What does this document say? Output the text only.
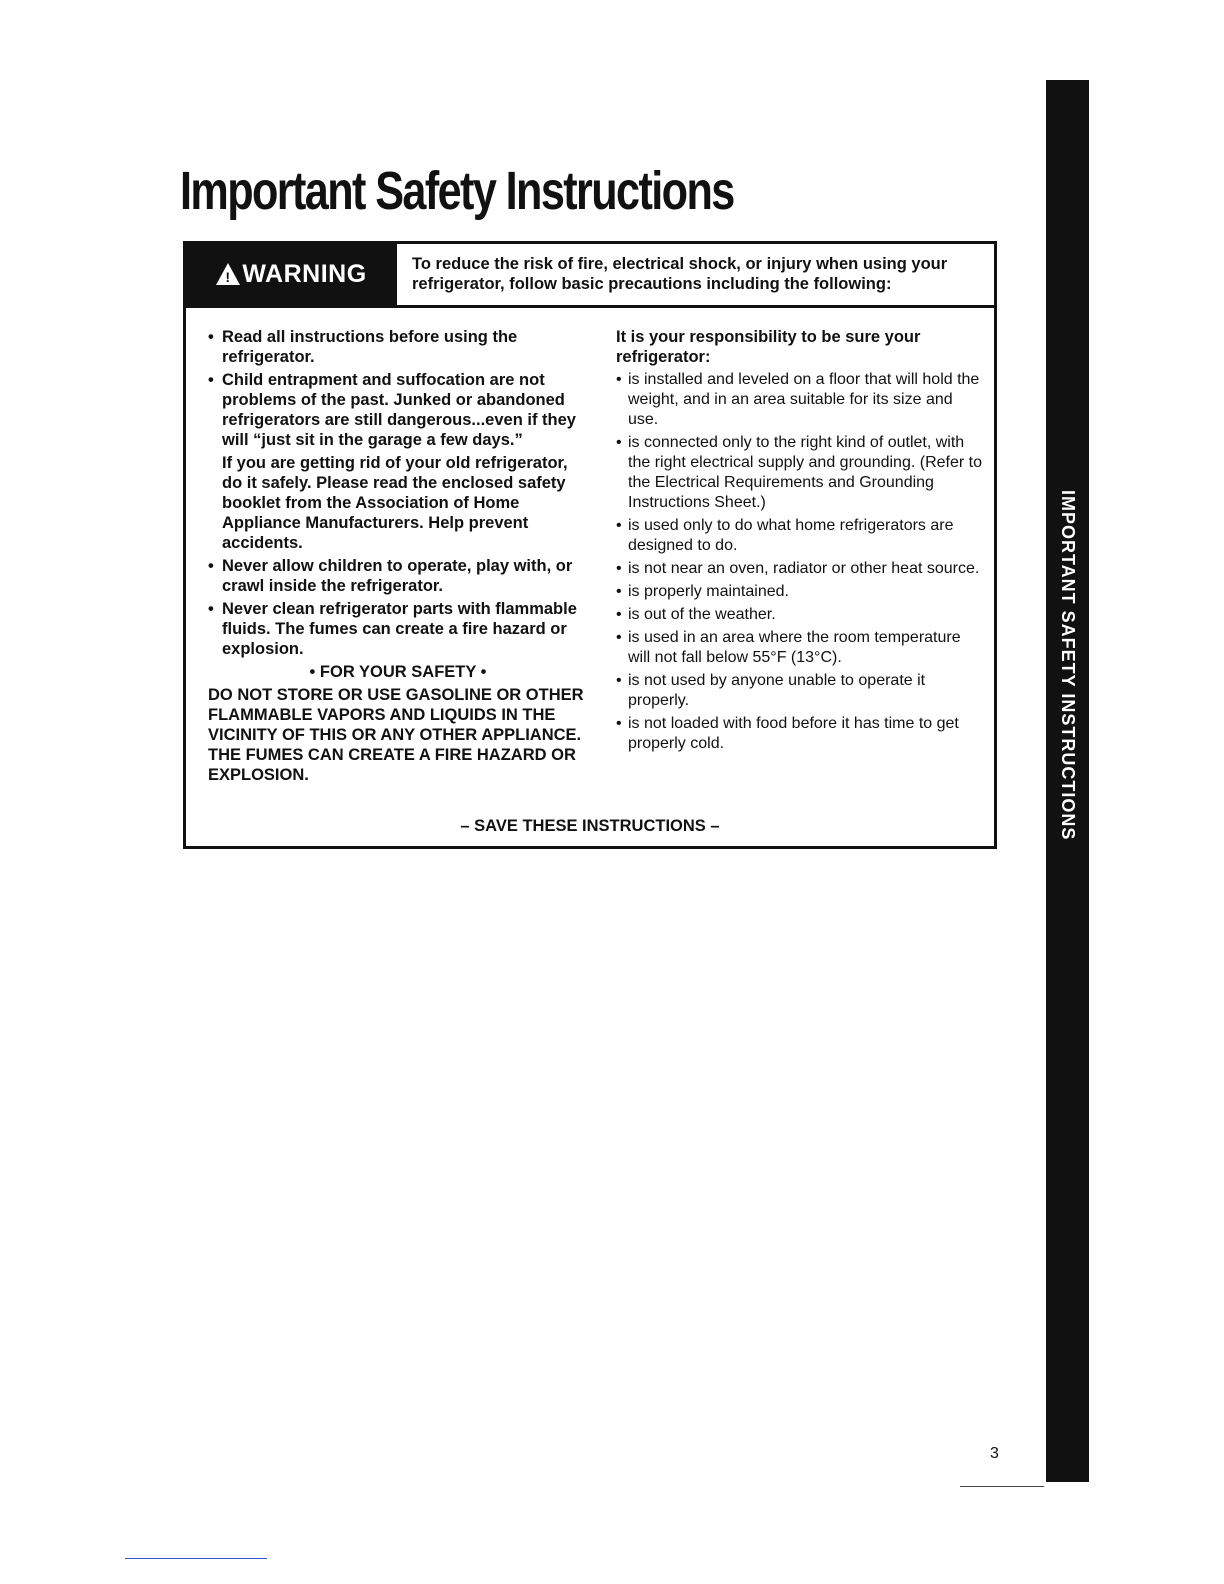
Important Safety Instructions
IMPORTANT SAFETY INSTRUCTIONS
!
WARNING	To reduce the risk of fire, electrical shock, or injury when using your refrigerator, follow basic precautions including the following:

• Read all instructions before using the refrigerator.

• Child entrapment and suffocation are not problems of the past. Junked or abandoned refrigerators are still dangerous...even if they will “just sit in the garage a few days.”

If you are getting rid of your old refrigerator, do it safely. Please read the enclosed safety booklet from the Association of Home Appliance Manufacturers. Help prevent accidents.

• Never allow children to operate, play with, or crawl inside the refrigerator.

• Never clean refrigerator parts with flammable fluids. The fumes can create a fire hazard or explosion.

• FOR YOUR SAFETY •

DO NOT STORE OR USE GASOLINE OR OTHER FLAMMABLE VAPORS AND LIQUIDS IN THE VICINITY OF THIS OR ANY OTHER APPLIANCE. THE FUMES CAN CREATE A FIRE HAZARD OR EXPLOSION.

It is your responsibility to be sure your refrigerator:

• is installed and leveled on a floor that will hold the weight, and in an area suitable for its size and use.

• is connected only to the right kind of outlet, with the right electrical supply and grounding. (Refer to the Electrical Requirements and Grounding Instructions Sheet.)

• is used only to do what home refrigerators are designed to do.

• is not near an oven, radiator or other heat source.

• is properly maintained.

• is out of the weather.

• is used in an area where the room temperature will not fall below 55°F (13°C).

• is not used by anyone unable to operate it properly.

• is not loaded with food before it has time to get properly cold.

– SAVE THESE INSTRUCTIONS –
3
